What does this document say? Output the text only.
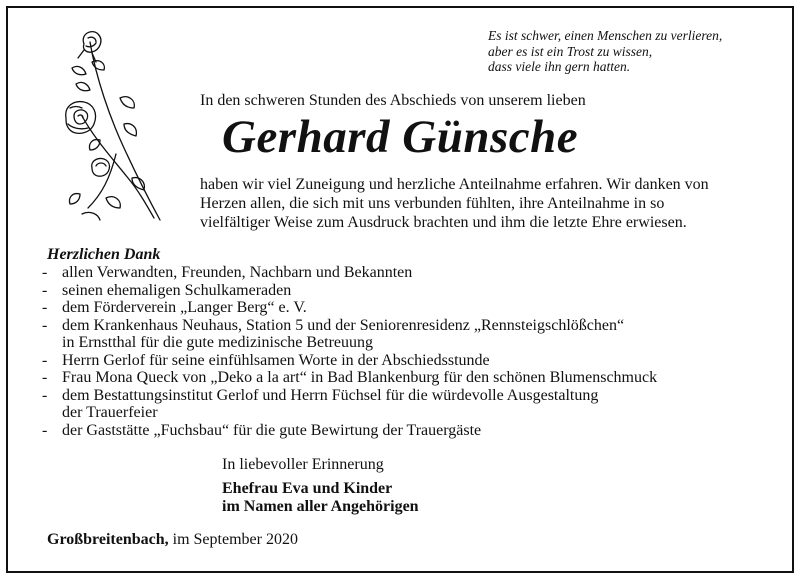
Es ist schwer, einen Menschen zu verlieren,
aber es ist ein Trost zu wissen,
dass viele ihn gern hatten.
In den schweren Stunden des Abschieds von unserem lieben
Gerhard Günsche
haben wir viel Zuneigung und herzliche Anteilnahme erfahren. Wir danken von
Herzen allen, die sich mit uns verbunden fühlten, ihre Anteilnahme in so
vielfältiger Weise zum Ausdruck brachten und ihm die letzte Ehre erwiesen.
Herzlichen Dank
- allen Verwandten, Freunden, Nachbarn und Bekannten
- seinen ehemaligen Schulkameraden
- dem Förderverein „Langer Berg“ e. V.
- dem Krankenhaus Neuhaus, Station 5 und der Seniorenresidenz „Rennsteigschlößchen“
in Ernstthal für die gute medizinische Betreuung
- Herrn Gerlof für seine einfühlsamen Worte in der Abschiedsstunde
- Frau Mona Queck von „Deko a la art“ in Bad Blankenburg für den schönen Blumenschmuck
- dem Bestattungsinstitut Gerlof und Herrn Füchsel für die würdevolle Ausgestaltung
der Trauerfeier
- der Gaststätte „Fuchsbau“ für die gute Bewirtung der Trauergäste
In liebevoller Erinnerung
Ehefrau Eva und Kinder
im Namen aller Angehörigen
Großbreitenbach, im September 2020
